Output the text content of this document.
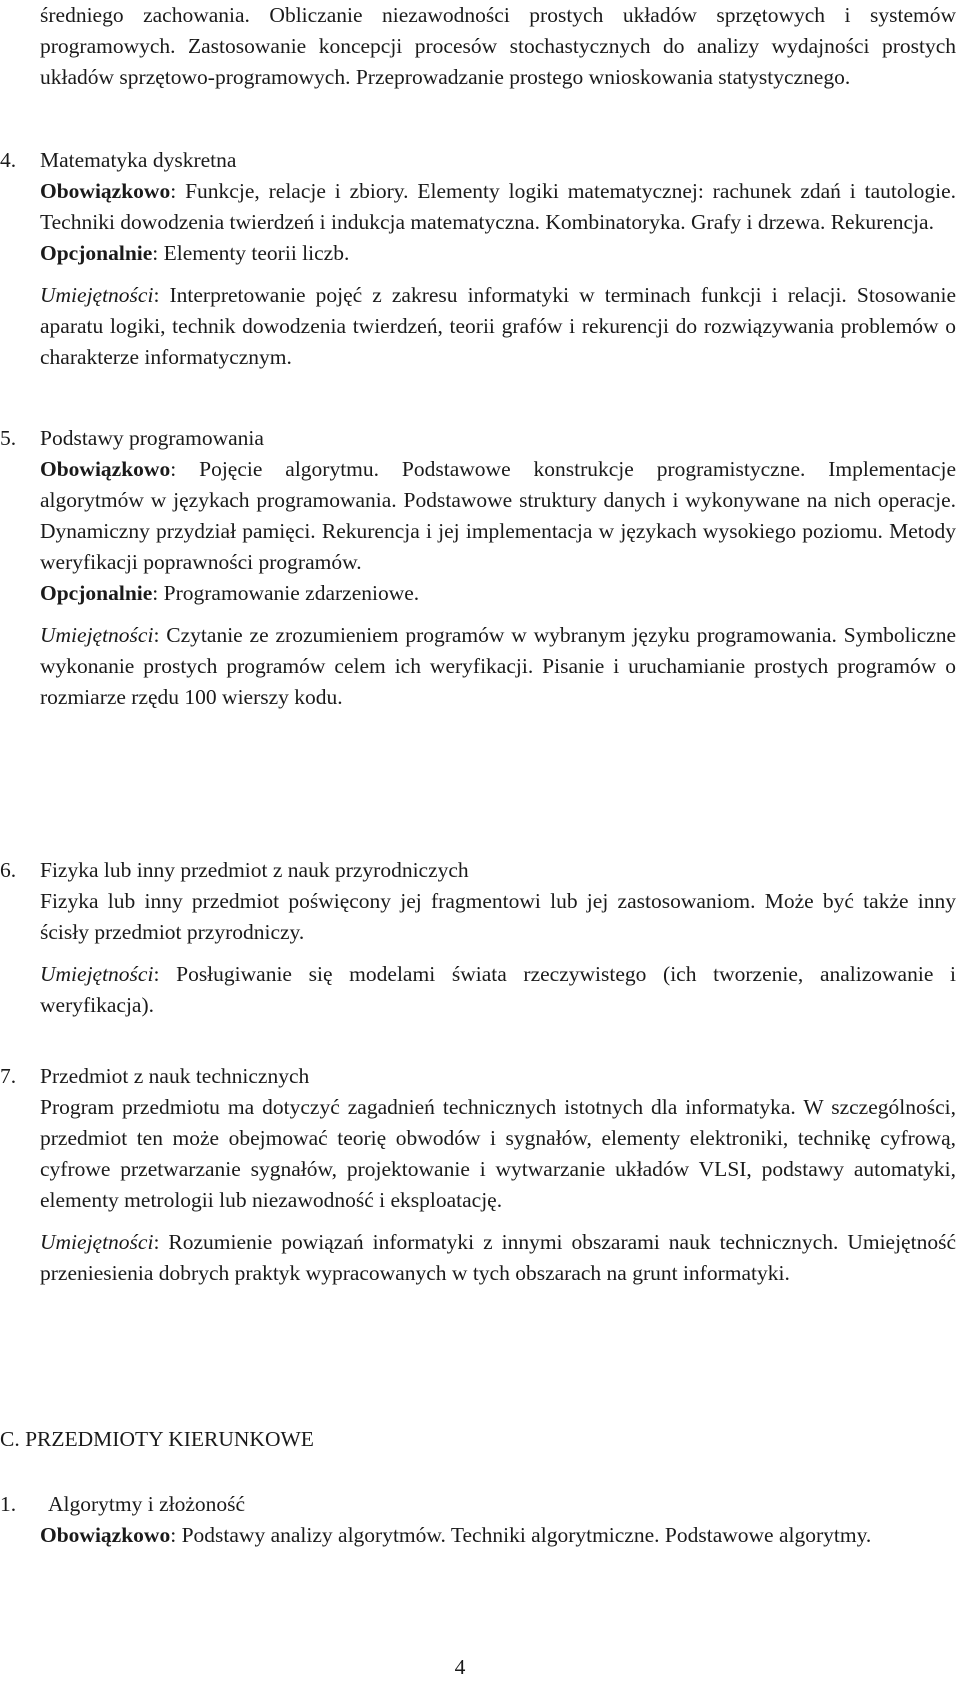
średniego zachowania. Obliczanie niezawodności prostych układów sprzętowych i systemów programowych. Zastosowanie koncepcji procesów stochastycznych do analizy wydajności prostych układów sprzętowo-programowych. Przeprowadzanie prostego wnioskowania statystycznego.

4.	Matematyka dyskretna
Obowiązkowo: Funkcje, relacje i zbiory. Elementy logiki matematycznej: rachunek zdań i tautologie. Techniki dowodzenia twierdzeń i indukcja matematyczna. Kombinatoryka. Grafy i drzewa. Rekurencja.
Opcjonalnie: Elementy teorii liczb.
Umiejętności: Interpretowanie pojęć z zakresu informatyki w terminach funkcji i relacji. Stosowanie aparatu logiki, technik dowodzenia twierdzeń, teorii grafów i rekurencji do rozwiązywania problemów o charakterze informatycznym.
5.	Podstawy programowania
Obowiązkowo: Pojęcie algorytmu. Podstawowe konstrukcje programistyczne. Implementacje algorytmów w językach programowania. Podstawowe struktury danych i wykonywane na nich operacje. Dynamiczny przydział pamięci. Rekurencja i jej implementacja w językach wysokiego poziomu. Metody weryfikacji poprawności programów.
Opcjonalnie: Programowanie zdarzeniowe.
Umiejętności: Czytanie ze zrozumieniem programów w wybranym języku programowania. Symboliczne wykonanie prostych programów celem ich weryfikacji. Pisanie i uruchamianie prostych programów o rozmiarze rzędu 100 wierszy kodu.
6.	Fizyka lub inny przedmiot z nauk przyrodniczych
Fizyka lub inny przedmiot poświęcony jej fragmentowi lub jej zastosowaniom. Może być także inny ścisły przedmiot przyrodniczy.
Umiejętności: Posługiwanie się modelami świata rzeczywistego (ich tworzenie, analizowanie i weryfikacja).
7.	Przedmiot z nauk technicznych
Program przedmiotu ma dotyczyć zagadnień technicznych istotnych dla informatyka. W szczególności, przedmiot ten może obejmować teorię obwodów i sygnałów, elementy elektroniki, technikę cyfrową, cyfrowe przetwarzanie sygnałów, projektowanie i wytwarzanie układów VLSI, podstawy automatyki, elementy metrologii lub niezawodność i eksploatację.
Umiejętności: Rozumienie powiązań informatyki z innymi obszarami nauk technicznych. Umiejętność przeniesienia dobrych praktyk wypracowanych w tych obszarach na grunt informatyki.
C. PRZEDMIOTY KIERUNKOWE
1.	Algorytmy i złożoność
Obowiązkowo: Podstawy analizy algorytmów. Techniki algorytmiczne. Podstawowe algorytmy.
4
